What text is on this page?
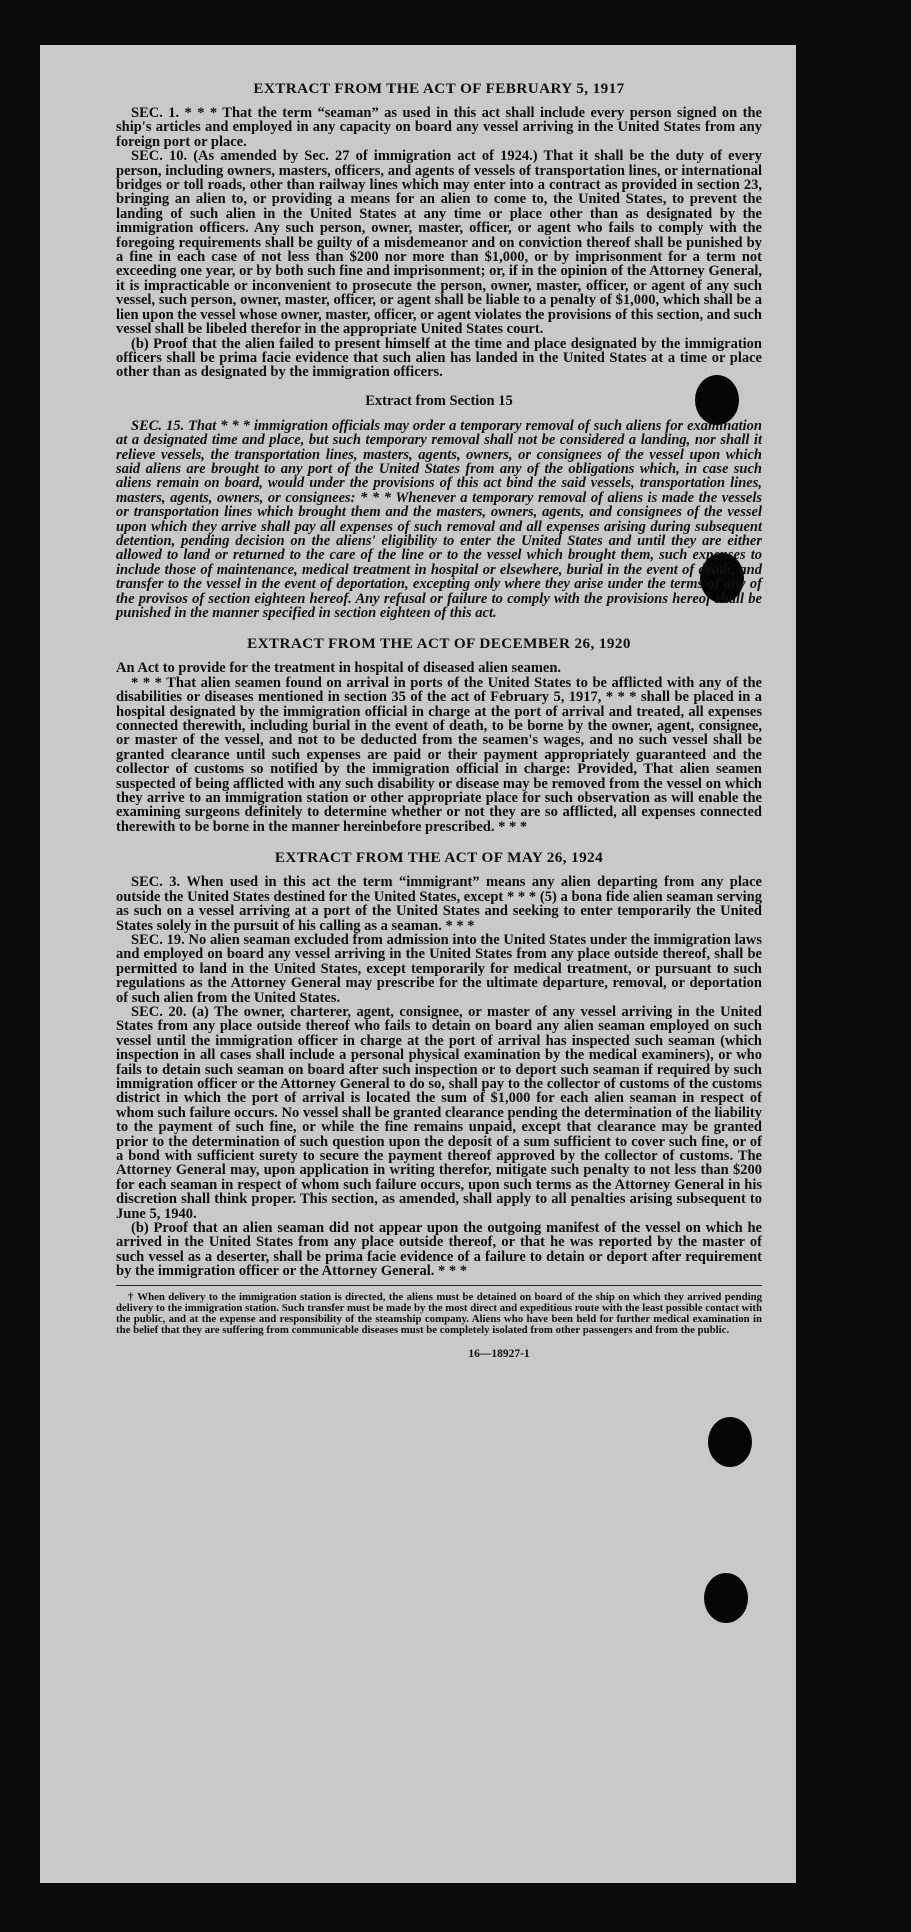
EXTRACT FROM THE ACT OF FEBRUARY 5, 1917

SEC. 1. * * * That the term “seaman” as used in this act shall include every person signed on the ship's articles and employed in any capacity on board any vessel arriving in the United States from any foreign port or place.

SEC. 10. (As amended by Sec. 27 of immigration act of 1924.) That it shall be the duty of every person, including owners, masters, officers, and agents of vessels of transportation lines, or international bridges or toll roads, other than railway lines which may enter into a contract as provided in section 23, bringing an alien to, or providing a means for an alien to come to, the United States, to prevent the landing of such alien in the United States at any time or place other than as designated by the immigration officers. Any such person, owner, master, officer, or agent who fails to comply with the foregoing requirements shall be guilty of a misdemeanor and on conviction thereof shall be punished by a fine in each case of not less than $200 nor more than $1,000, or by imprisonment for a term not exceeding one year, or by both such fine and imprisonment; or, if in the opinion of the Attorney General, it is impracticable or inconvenient to prosecute the person, owner, master, officer, or agent of any such vessel, such person, owner, master, officer, or agent shall be liable to a penalty of $1,000, which shall be a lien upon the vessel whose owner, master, officer, or agent violates the provisions of this section, and such vessel shall be libeled therefor in the appropriate United States court.

(b) Proof that the alien failed to present himself at the time and place designated by the immigration officers shall be prima facie evidence that such alien has landed in the United States at a time or place other than as designated by the immigration officers.

Extract from Section 15

SEC. 15. That * * * immigration officials may order a temporary removal of such aliens for examination at a designated time and place, but such temporary removal shall not be considered a landing, nor shall it relieve vessels, the transportation lines, masters, agents, owners, or consignees of the vessel upon which said aliens are brought to any port of the United States from any of the obligations which, in case such aliens remain on board, would under the provisions of this act bind the said vessels, transportation lines, masters, agents, owners, or consignees: * * * Whenever a temporary removal of aliens is made the vessels or transportation lines which brought them and the masters, owners, agents, and consignees of the vessel upon which they arrive shall pay all expenses of such removal and all expenses arising during subsequent detention, pending decision on the aliens' eligibility to enter the United States and until they are either allowed to land or returned to the care of the line or to the vessel which brought them, such expenses to include those of maintenance, medical treatment in hospital or elsewhere, burial in the event of death, and transfer to the vessel in the event of deportation, excepting only where they arise under the terms of any of the provisos of section eighteen hereof. Any refusal or failure to comply with the provisions hereof shall be punished in the manner specified in section eighteen of this act.

EXTRACT FROM THE ACT OF DECEMBER 26, 1920

An Act to provide for the treatment in hospital of diseased alien seamen.

* * * That alien seamen found on arrival in ports of the United States to be afflicted with any of the disabilities or diseases mentioned in section 35 of the act of February 5, 1917, * * * shall be placed in a hospital designated by the immigration official in charge at the port of arrival and treated, all expenses connected therewith, including burial in the event of death, to be borne by the owner, agent, consignee, or master of the vessel, and not to be deducted from the seamen's wages, and no such vessel shall be granted clearance until such expenses are paid or their payment appropriately guaranteed and the collector of customs so notified by the immigration official in charge: Provided, That alien seamen suspected of being afflicted with any such disability or disease may be removed from the vessel on which they arrive to an immigration station or other appropriate place for such observation as will enable the examining surgeons definitely to determine whether or not they are so afflicted, all expenses connected therewith to be borne in the manner hereinbefore prescribed. * * *

EXTRACT FROM THE ACT OF MAY 26, 1924

SEC. 3. When used in this act the term “immigrant” means any alien departing from any place outside the United States destined for the United States, except * * * (5) a bona fide alien seaman serving as such on a vessel arriving at a port of the United States and seeking to enter temporarily the United States solely in the pursuit of his calling as a seaman. * * *

SEC. 19. No alien seaman excluded from admission into the United States under the immigration laws and employed on board any vessel arriving in the United States from any place outside thereof, shall be permitted to land in the United States, except temporarily for medical treatment, or pursuant to such regulations as the Attorney General may prescribe for the ultimate departure, removal, or deportation of such alien from the United States.

SEC. 20. (a) The owner, charterer, agent, consignee, or master of any vessel arriving in the United States from any place outside thereof who fails to detain on board any alien seaman employed on such vessel until the immigration officer in charge at the port of arrival has inspected such seaman (which inspection in all cases shall include a personal physical examination by the medical examiners), or who fails to detain such seaman on board after such inspection or to deport such seaman if required by such immigration officer or the Attorney General to do so, shall pay to the collector of customs of the customs district in which the port of arrival is located the sum of $1,000 for each alien seaman in respect of whom such failure occurs. No vessel shall be granted clearance pending the determination of the liability to the payment of such fine, or while the fine remains unpaid, except that clearance may be granted prior to the determination of such question upon the deposit of a sum sufficient to cover such fine, or of a bond with sufficient surety to secure the payment thereof approved by the collector of customs. The Attorney General may, upon application in writing therefor, mitigate such penalty to not less than $200 for each seaman in respect of whom such failure occurs, upon such terms as the Attorney General in his discretion shall think proper. This section, as amended, shall apply to all penalties arising subsequent to June 5, 1940.

(b) Proof that an alien seaman did not appear upon the outgoing manifest of the vessel on which he arrived in the United States from any place outside thereof, or that he was reported by the master of such vessel as a deserter, shall be prima facie evidence of a failure to detain or deport after requirement by the immigration officer or the Attorney General. * * *

† When delivery to the immigration station is directed, the aliens must be detained on board of the ship on which they arrived pending delivery to the immigration station. Such transfer must be made by the most direct and expeditious route with the least possible contact with the public, and at the expense and responsibility of the steamship company. Aliens who have been held for further medical examination in the belief that they are suffering from communicable diseases must be completely isolated from other passengers and from the public.

16—18927-1
